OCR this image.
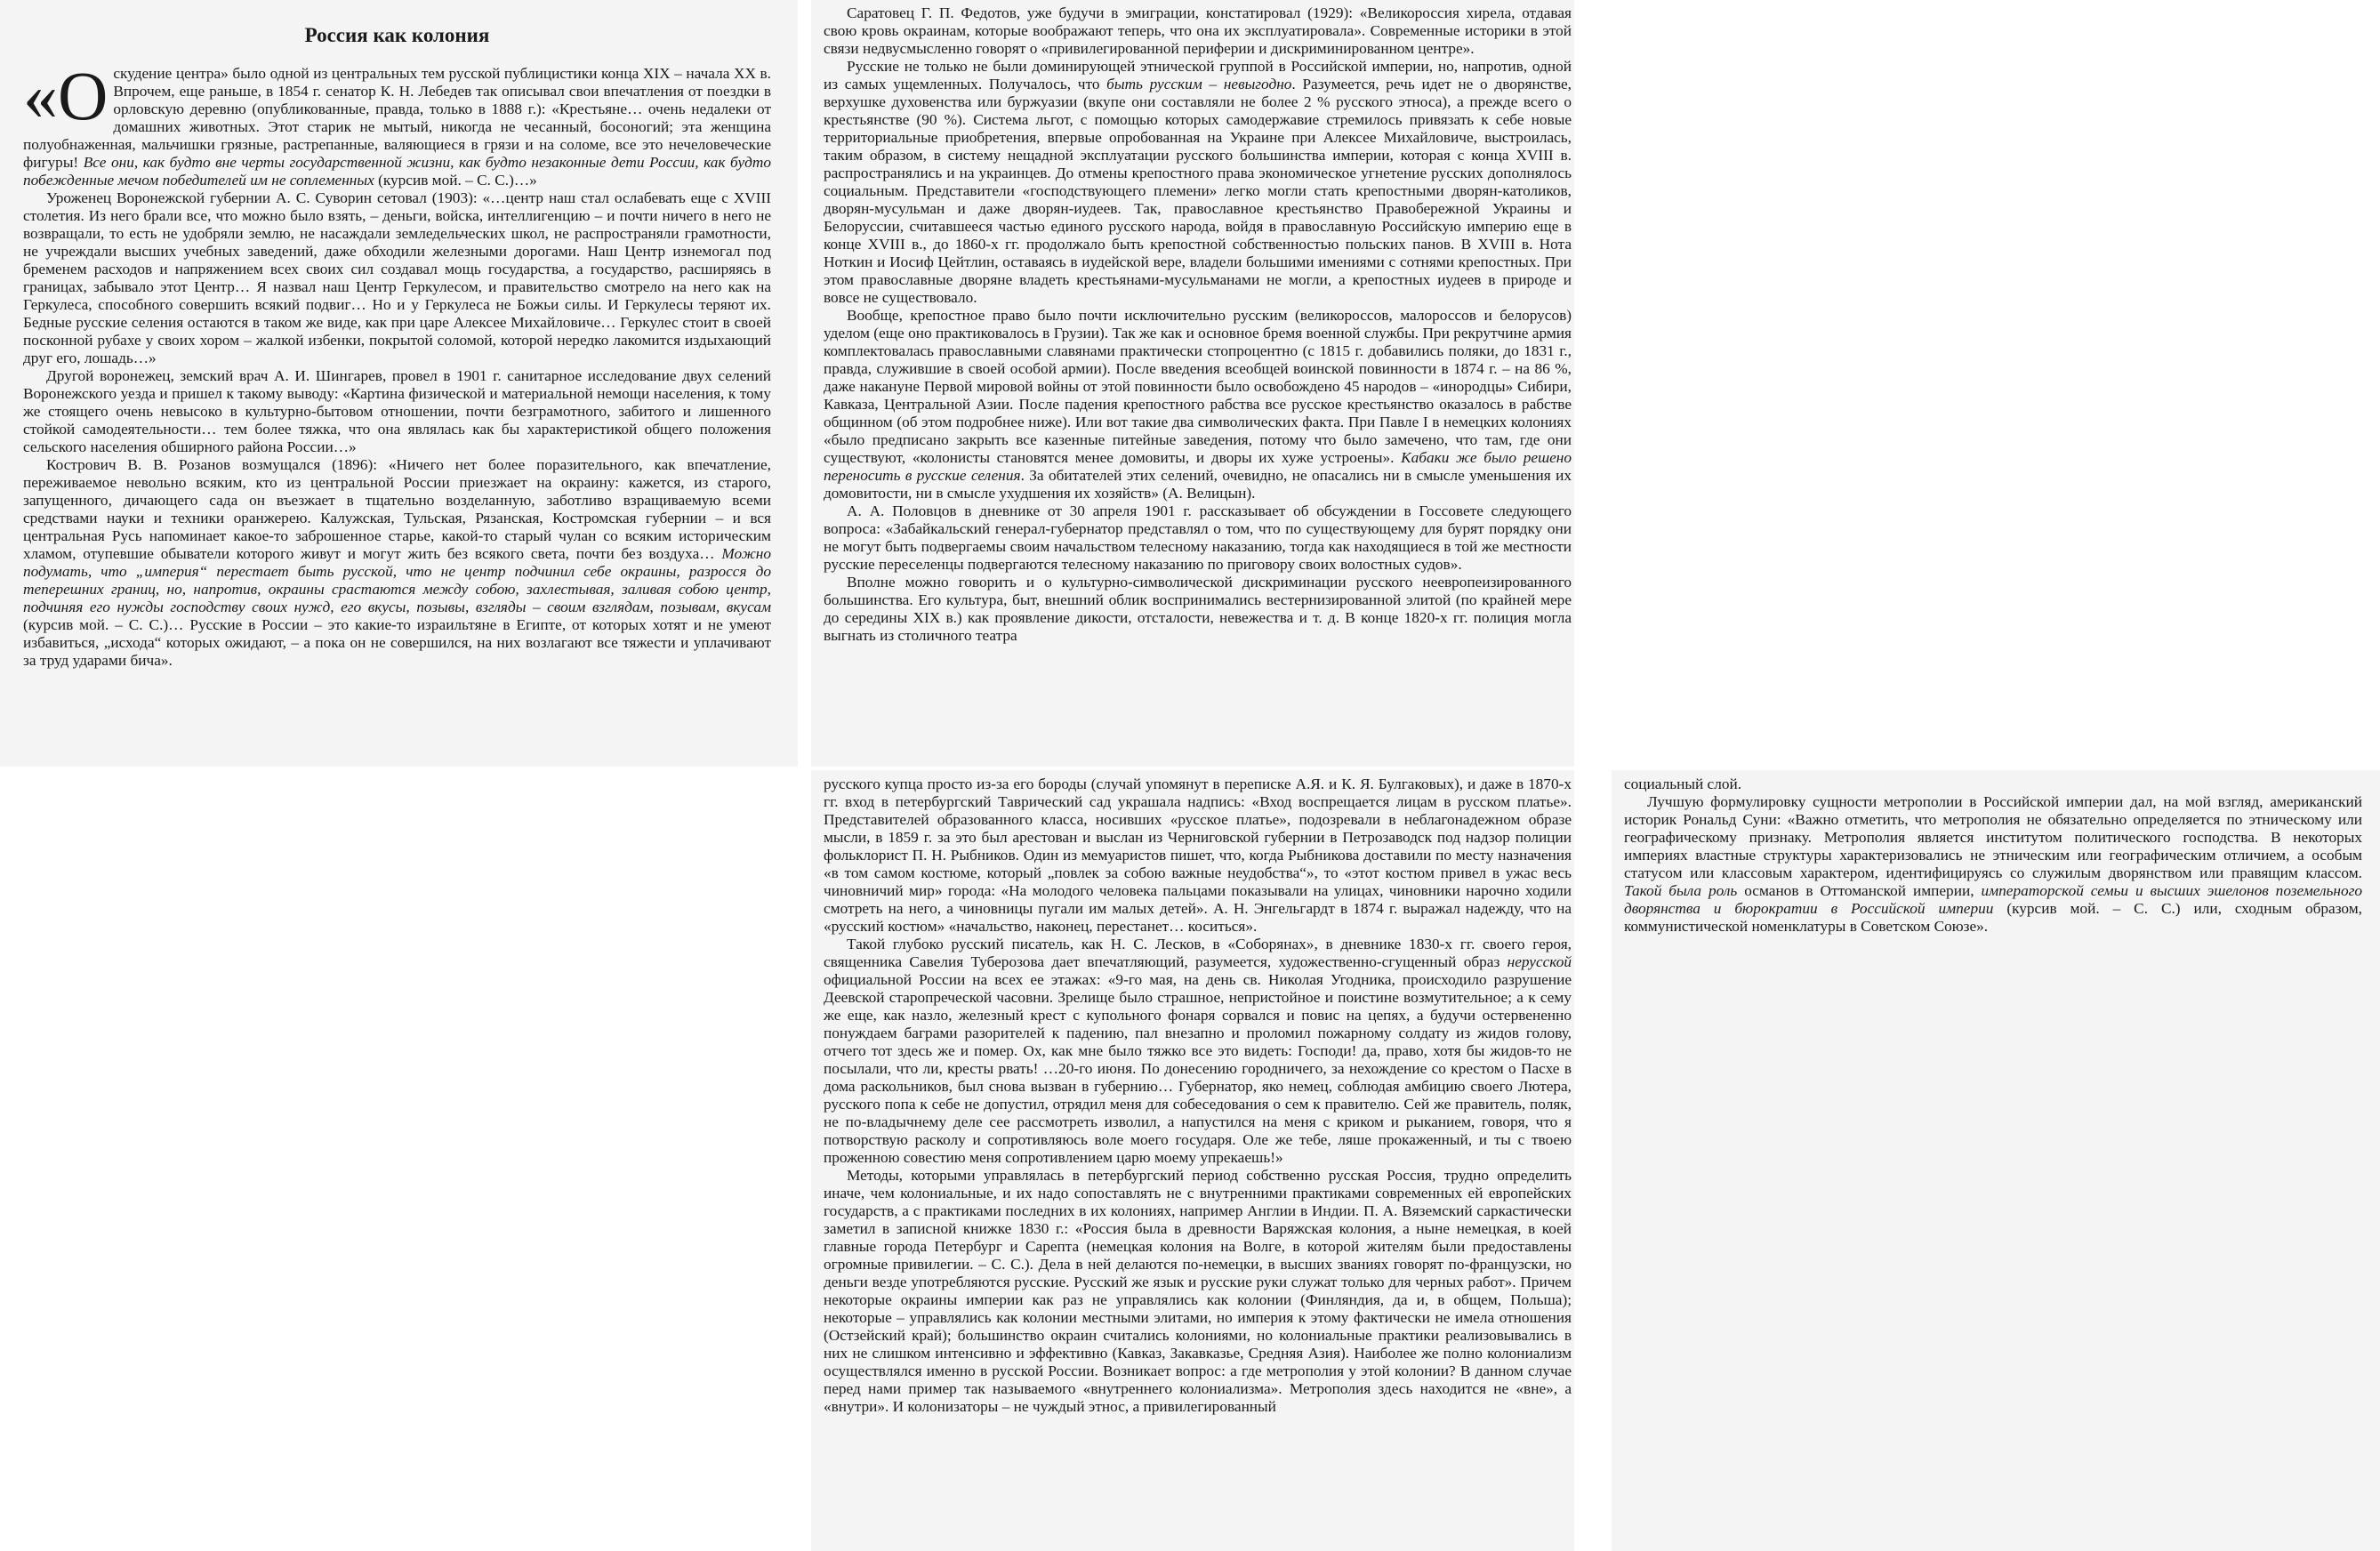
Россия как колония

«Оскудение центра» было одной из центральных тем русской публицистики конца XIX – начала XX в. Впрочем, еще раньше, в 1854 г. сенатор К. Н. Лебедев так описывал свои впечатления от поездки в орловскую деревню (опубликованные, правда, только в 1888 г.): «Крестьяне… очень недалеки от домашних животных. Этот старик не мытый, никогда не чесанный, босоногий; эта женщина полуобнаженная, мальчишки грязные, растрепанные, валяющиеся в грязи и на соломе, все это нечеловеческие фигуры! Все они, как будто вне черты государственной жизни, как будто незаконные дети России, как будто побежденные мечом победителей им не соплеменных (курсив мой. – С. С.)…»

Уроженец Воронежской губернии А. С. Суворин сетовал (1903): «…центр наш стал ослабевать еще с XVIII столетия. Из него брали все, что можно было взять, – деньги, войска, интеллигенцию – и почти ничего в него не возвращали, то есть не удобряли землю, не насаждали земледельческих школ, не распространяли грамотности, не учреждали высших учебных заведений, даже обходили железными дорогами. Наш Центр изнемогал под бременем расходов и напряжением всех своих сил создавал мощь государства, а государство, расширяясь в границах, забывало этот Центр… Я назвал наш Центр Геркулесом, и правительство смотрело на него как на Геркулеса, способного совершить всякий подвиг… Но и у Геркулеса не Божьи силы. И Геркулесы теряют их. Бедные русские селения остаются в таком же виде, как при царе Алексее Михайловиче… Геркулес стоит в своей посконной рубахе у своих хором – жалкой избенки, покрытой соломой, которой нередко лакомится издыхающий друг его, лошадь…»

Другой воронежец, земский врач А. И. Шингарев, провел в 1901 г. санитарное исследование двух селений Воронежского уезда и пришел к такому выводу: «Картина физической и материальной немощи населения, к тому же стоящего очень невысоко в культурно-бытовом отношении, почти безграмотного, забитого и лишенного стойкой самодеятельности… тем более тяжка, что она являлась как бы характеристикой общего положения сельского населения обширного района России…»

Кострович В. В. Розанов возмущался (1896): «Ничего нет более поразительного, как впечатление, переживаемое невольно всяким, кто из центральной России приезжает на окраину: кажется, из старого, запущенного, дичающего сада он въезжает в тщательно возделанную, заботливо взращиваемую всеми средствами науки и техники оранжерею. Калужская, Тульская, Рязанская, Костромская губернии – и вся центральная Русь напоминает какое-то заброшенное старье, какой-то старый чулан со всяким историческим хламом, отупевшие обыватели которого живут и могут жить без всякого света, почти без воздуха… Можно подумать, что „империя“ перестает быть русской, что не центр подчинил себе окраины, разросся до теперешних границ, но, напротив, окраины срастаются между собою, захлестывая, заливая собою центр, подчиняя его нужды господству своих нужд, его вкусы, позывы, взгляды – своим взглядам, позывам, вкусам (курсив мой. – С. С.)… Русские в России – это какие-то израильтяне в Египте, от которых хотят и не умеют избавиться, „исхода“ которых ожидают, – а пока он не совершился, на них возлагают все тяжести и уплачивают за труд ударами бича».

Саратовец Г. П. Федотов, уже будучи в эмиграции, констатировал (1929): «Великороссия хирела, отдавая свою кровь окраинам, которые воображают теперь, что она их эксплуатировала». Современные историки в этой связи недвусмысленно говорят о «привилегированной периферии и дискриминированном центре».

Русские не только не были доминирующей этнической группой в Российской империи, но, напротив, одной из самых ущемленных. Получалось, что быть русским – невыгодно. Разумеется, речь идет не о дворянстве, верхушке духовенства или буржуазии (вкупе они составляли не более 2 % русского этноса), а прежде всего о крестьянстве (90 %). Система льгот, с помощью которых самодержавие стремилось привязать к себе новые территориальные приобретения, впервые опробованная на Украине при Алексее Михайловиче, выстроилась, таким образом, в систему нещадной эксплуатации русского большинства империи, которая с конца XVIII в. распространялись и на украинцев. До отмены крепостного права экономическое угнетение русских дополнялось социальным. Представители «господствующего племени» легко могли стать крепостными дворян-католиков, дворян-мусульман и даже дворян-иудеев. Так, православное крестьянство Правобережной Украины и Белоруссии, считавшееся частью единого русского народа, войдя в православную Российскую империю еще в конце XVIII в., до 1860-х гг. продолжало быть крепостной собственностью польских панов. В XVIII в. Нота Ноткин и Иосиф Цейтлин, оставаясь в иудейской вере, владели большими имениями с сотнями крепостных. При этом православные дворяне владеть крестьянами-мусульманами не могли, а крепостных иудеев в природе и вовсе не существовало.

Вообще, крепостное право было почти исключительно русским (великороссов, малороссов и белорусов) уделом (еще оно практиковалось в Грузии). Так же как и основное бремя военной службы. При рекрутчине армия комплектовалась православными славянами практически стопроцентно (с 1815 г. добавились поляки, до 1831 г., правда, служившие в своей особой армии). После введения всеобщей воинской повинности в 1874 г. – на 86 %, даже накануне Первой мировой войны от этой повинности было освобождено 45 народов – «инородцы» Сибири, Кавказа, Центральной Азии. После падения крепостного рабства все русское крестьянство оказалось в рабстве общинном (об этом подробнее ниже). Или вот такие два символических факта. При Павле I в немецких колониях «было предписано закрыть все казенные питейные заведения, потому что было замечено, что там, где они существуют, «колонисты становятся менее домовиты, и дворы их хуже устроены». Кабаки же было решено переносить в русские селения. За обитателей этих селений, очевидно, не опасались ни в смысле уменьшения их домовитости, ни в смысле ухудшения их хозяйств» (А. Велицын).

А. А. Половцов в дневнике от 30 апреля 1901 г. рассказывает об обсуждении в Госсовете следующего вопроса: «Забайкальский генерал-губернатор представлял о том, что по существующему для бурят порядку они не могут быть подвергаемы своим начальством телесному наказанию, тогда как находящиеся в той же местности русские переселенцы подвергаются телесному наказанию по приговору своих волостных судов».

Вполне можно говорить и о культурно-символической дискриминации русского неевропеизированного большинства. Его культура, быт, внешний облик воспринимались вестернизированной элитой (по крайней мере до середины XIX в.) как проявление дикости, отсталости, невежества и т. д. В конце 1820-х гг. полиция могла выгнать из столичного театра

русского купца просто из-за его бороды (случай упомянут в переписке А.Я. и К. Я. Булгаковых), и даже в 1870-х гг. вход в петербургский Таврический сад украшала надпись: «Вход воспрещается лицам в русском платье». Представителей образованного класса, носивших «русское платье», подозревали в неблагонадежном образе мысли, в 1859 г. за это был арестован и выслан из Черниговской губернии в Петрозаводск под надзор полиции фольклорист П. Н. Рыбников. Один из мемуаристов пишет, что, когда Рыбникова доставили по месту назначения «в том самом костюме, который „повлек за собою важные неудобства“», то «этот костюм привел в ужас весь чиновничий мир» города: «На молодого человека пальцами показывали на улицах, чиновники нарочно ходили смотреть на него, а чиновницы пугали им малых детей». А. Н. Энгельгардт в 1874 г. выражал надежду, что на «русский костюм» «начальство, наконец, перестанет… коситься».

Такой глубоко русский писатель, как Н. С. Лесков, в «Соборянах», в дневнике 1830-х гг. своего героя, священника Савелия Туберозова дает впечатляющий, разумеется, художественно-сгущенный образ нерусской официальной России на всех ее этажах: «9-го мая, на день св. Николая Угодника, происходило разрушение Деевской старопреческой часовни. Зрелище было страшное, непристойное и поистине возмутительное; а к сему же еще, как назло, железный крест с купольного фонаря сорвался и повис на цепях, а будучи остервененно понуждаем баграми разорителей к падению, пал внезапно и проломил пожарному солдату из жидов голову, отчего тот здесь же и помер. Ох, как мне было тяжко все это видеть: Господи! да, право, хотя бы жидов-то не посылали, что ли, кресты рвать! …20-го июня. По донесению городничего, за нехождение со крестом о Пасхе в дома раскольников, был снова вызван в губернию… Губернатор, яко немец, соблюдая амбицию своего Лютера, русского попа к себе не допустил, отрядил меня для собеседования о сем к правителю. Сей же правитель, поляк, не по-владычнему деле сее рассмотреть изволил, а напустился на меня с криком и рыканием, говоря, что я потворствую расколу и сопротивляюсь воле моего государя. Оле же тебе, ляше прокаженный, и ты с твоею проженною совестию меня сопротивлением царю моему упрекаешь!»

Методы, которыми управлялась в петербургский период собственно русская Россия, трудно определить иначе, чем колониальные, и их надо сопоставлять не с внутренними практиками современных ей европейских государств, а с практиками последних в их колониях, например Англии в Индии. П. А. Вяземский саркастически заметил в записной книжке 1830 г.: «Россия была в древности Варяжская колония, а ныне немецкая, в коей главные города Петербург и Сарепта (немецкая колония на Волге, в которой жителям были предоставлены огромные привилегии. – С. С.). Дела в ней делаются по-немецки, в высших званиях говорят по-французски, но деньги везде употребляются русские. Русский же язык и русские руки служат только для черных работ». Причем некоторые окраины империи как раз не управлялись как колонии (Финляндия, да и, в общем, Польша); некоторые – управлялись как колонии местными элитами, но империя к этому фактически не имела отношения (Остзейский край); большинство окраин считались колониями, но колониальные практики реализовывались в них не слишком интенсивно и эффективно (Кавказ, Закавказье, Средняя Азия). Наиболее же полно колониализм осуществлялся именно в русской России. Возникает вопрос: а где метрополия у этой колонии? В данном случае перед нами пример так называемого «внутреннего колониализма». Метрополия здесь находится не «вне», а «внутри». И колонизаторы – не чуждый этнос, а привилегированный

социальный слой.

Лучшую формулировку сущности метрополии в Российской империи дал, на мой взгляд, американский историк Рональд Суни: «Важно отметить, что метрополия не обязательно определяется по этническому или географическому признаку. Метрополия является институтом политического господства. В некоторых империях властные структуры характеризовались не этническим или географическим отличием, а особым статусом или классовым характером, идентифицируясь со служилым дворянством или правящим классом. Такой была роль османов в Оттоманской империи, императорской семьи и высших эшелонов поземельного дворянства и бюрократии в Российской империи (курсив мой. – С. С.) или, сходным образом, коммунистической номенклатуры в Советском Союзе».
